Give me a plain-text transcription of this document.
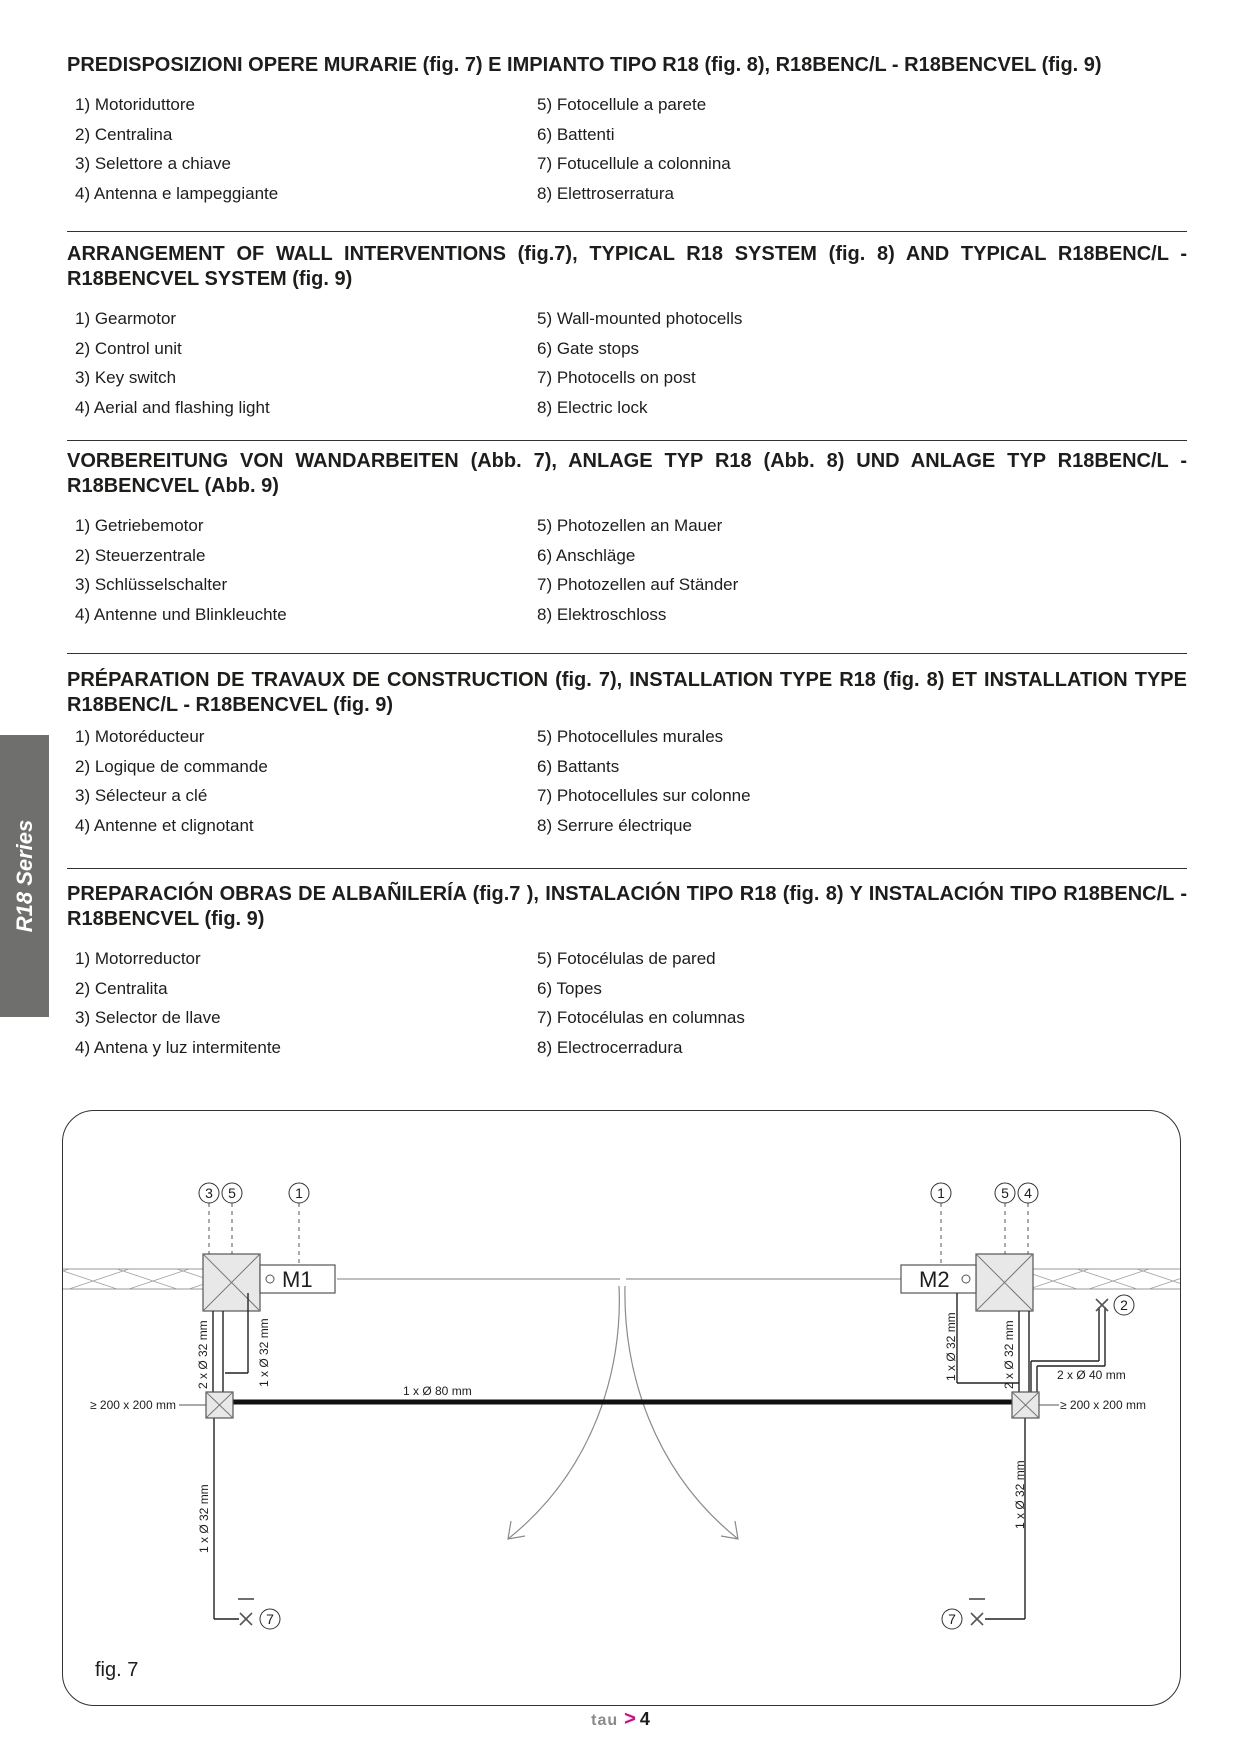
PREDISPOSIZIONI OPERE MURARIE (fig. 7) E IMPIANTO TIPO R18 (fig. 8), R18BENC/L - R18BENCVEL (fig. 9)
1) Motoriduttore	5) Fotocellule a parete
2) Centralina	6) Battenti
3) Selettore a chiave	7) Fotucellule a colonnina
4) Antenna e lampeggiante	8) Elettroserratura
ARRANGEMENT OF WALL INTERVENTIONS (fig.7), TYPICAL R18 SYSTEM (fig. 8) AND TYPICAL R18BENC/L - R18BENCVEL SYSTEM (fig. 9)
1) Gearmotor	5) Wall-mounted photocells
2) Control unit	6) Gate stops
3) Key switch	7) Photocells on post
4) Aerial and flashing light	8) Electric lock
VORBEREITUNG VON WANDARBEITEN (Abb. 7), ANLAGE TYP R18 (Abb. 8) UND ANLAGE TYP R18BENC/L - R18BENCVEL (Abb. 9)
1) Getriebemotor	5) Photozellen an Mauer
2) Steuerzentrale	6) Anschläge
3) Schlüsselschalter	7) Photozellen auf Ständer
4) Antenne und Blinkleuchte	8) Elektroschloss
PRÉPARATION DE TRAVAUX DE CONSTRUCTION (fig. 7), INSTALLATION TYPE R18 (fig. 8) ET INSTALLATION TYPE R18BENC/L - R18BENCVEL (fig. 9)
1) Motoréducteur	5) Photocellules murales
2) Logique de commande	6) Battants
3) Sélecteur a clé	7) Photocellules sur colonne
4) Antenne et clignotant	8) Serrure électrique
PREPARACIÓN OBRAS DE ALBAÑILERÍA (fig.7 ), INSTALACIÓN TIPO R18 (fig. 8) Y INSTALACIÓN TIPO R18BENC/L - R18BENCVEL (fig. 9)
1) Motorreductor	5) Fotocélulas de pared
2) Centralita	6) Topes
3) Selector de llave	7) Fotocélulas en columnas
4) Antena y luz intermitente	8) Electrocerradura
R18 Series
M1	M2
3 5	1	1	5 4
≥ 200 x 200 mm	≥ 200 x 200 mm
1 x Ø 80 mm
2 x Ø 40 mm
2 x Ø 32 mm	1 x Ø 32 mm
1 x Ø 32 mm
1 x Ø 32 mm	2 x Ø 32 mm
1 x Ø 32 mm
7	7
2
fig. 7
tau > 4
